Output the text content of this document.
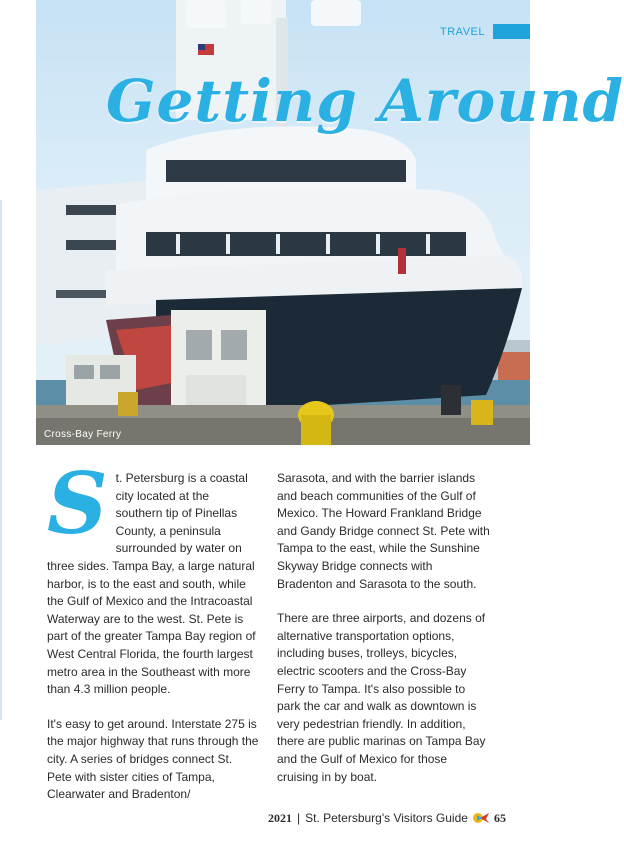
TRAVEL
Getting Around
Cross-Bay Ferry
S t. Petersburg is a coastal city located at the southern tip of Pinellas County, a peninsula surrounded by water on three sides. Tampa Bay, a large natural harbor, is to the east and south, while the Gulf of Mexico and the Intracoastal Waterway are to the west. St. Pete is part of the greater Tampa Bay region of West Central Florida, the fourth largest metro area in the Southeast with more than 4.3 million people.

It's easy to get around. Interstate 275 is the major highway that runs through the city. A series of bridges connect St. Pete with sister cities of Tampa, Clearwater and Bradenton/

Sarasota, and with the barrier islands and beach communities of the Gulf of Mexico. The Howard Frankland Bridge and Gandy Bridge connect St. Pete with Tampa to the east, while the Sunshine Skyway Bridge connects with Bradenton and Sarasota to the south.

There are three airports, and dozens of alternative transportation options, including buses, trolleys, bicycles, electric scooters and the Cross-Bay Ferry to Tampa. It's also possible to park the car and walk as downtown is very pedestrian friendly. In addition, there are public marinas on Tampa Bay and the Gulf of Mexico for those cruising in by boat.

2021 | St. Petersburg's Visitors Guide 65
